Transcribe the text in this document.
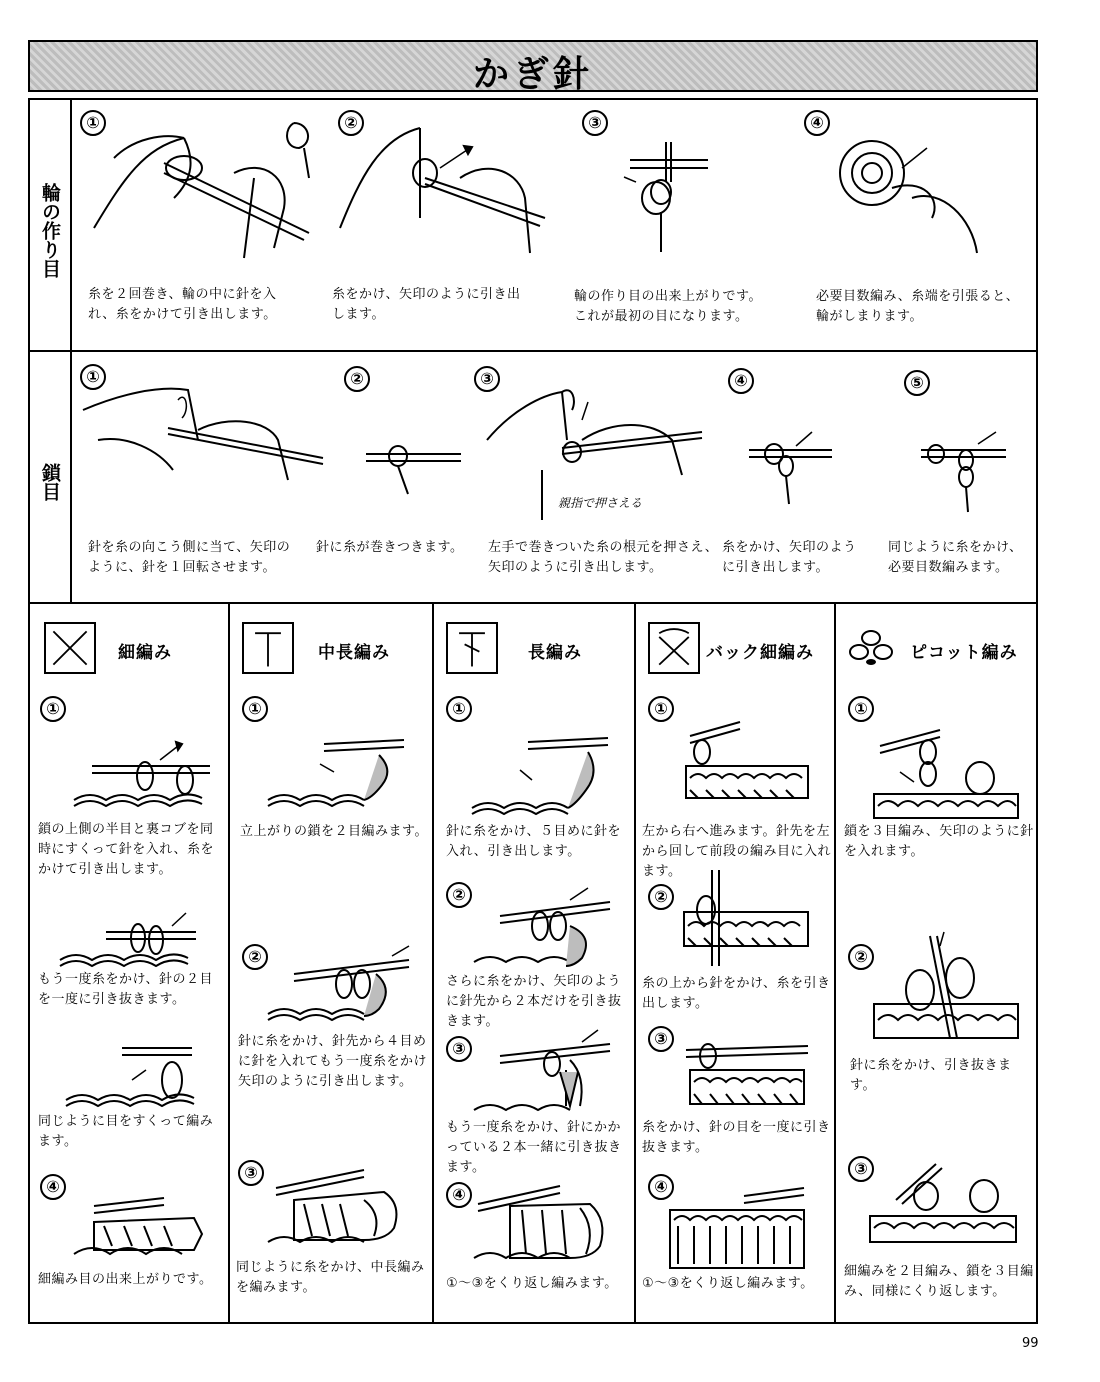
かぎ針
輪の作り目
鎖目
①	②	③	④
糸を２回巻き、輪の中に針を入
れ、糸をかけて引き出します。
糸をかけ、矢印のように引き出
します。
輪の作り目の出来上がりです。
これが最初の目になります。
必要目数編み、糸端を引張ると、
輪がしまります。
①	②	③	④	⑤
親指で押さえる
針を糸の向こう側に当て、矢印の
ように、針を１回転させます。
針に糸が巻きつきます。	左手で巻きついた糸の根元を押さえ、
矢印のように引き出します。
糸をかけ、矢印のよう
に引き出します。
同じように糸をかけ、
必要目数編みます。
細編み	中長編み	長編み	バック細編み	ピコット編み
①
鎖の上側の半目と裏コブを同
時にすくって針を入れ、糸を
かけて引き出します。
もう一度糸をかけ、針の２目
を一度に引き抜きます。
同じように目をすくって編み
ます。
④
細編み目の出来上がりです。
①
立上がりの鎖を２目編みます。
②
針に糸をかけ、針先から４目め
に針を入れてもう一度糸をかけ
矢印のように引き出します。
③
同じように糸をかけ、中長編み
を編みます。
①
針に糸をかけ、５目めに針を
入れ、引き出します。
②
さらに糸をかけ、矢印のよう
に針先から２本だけを引き抜
きます。
③
もう一度糸をかけ、針にかか
っている２本一緒に引き抜き
ます。
④
①〜③をくり返し編みます。
①
左から右へ進みます。針先を左
から回して前段の編み目に入れ
ます。
②
糸の上から針をかけ、糸を引き
出します。
③
糸をかけ、針の目を一度に引き
抜きます。
④
①〜③をくり返し編みます。
①
鎖を３目編み、矢印のように針
を入れます。
②
針に糸をかけ、引き抜きます。
③
細編みを２目編み、鎖を３目編
み、同様にくり返します。
99
